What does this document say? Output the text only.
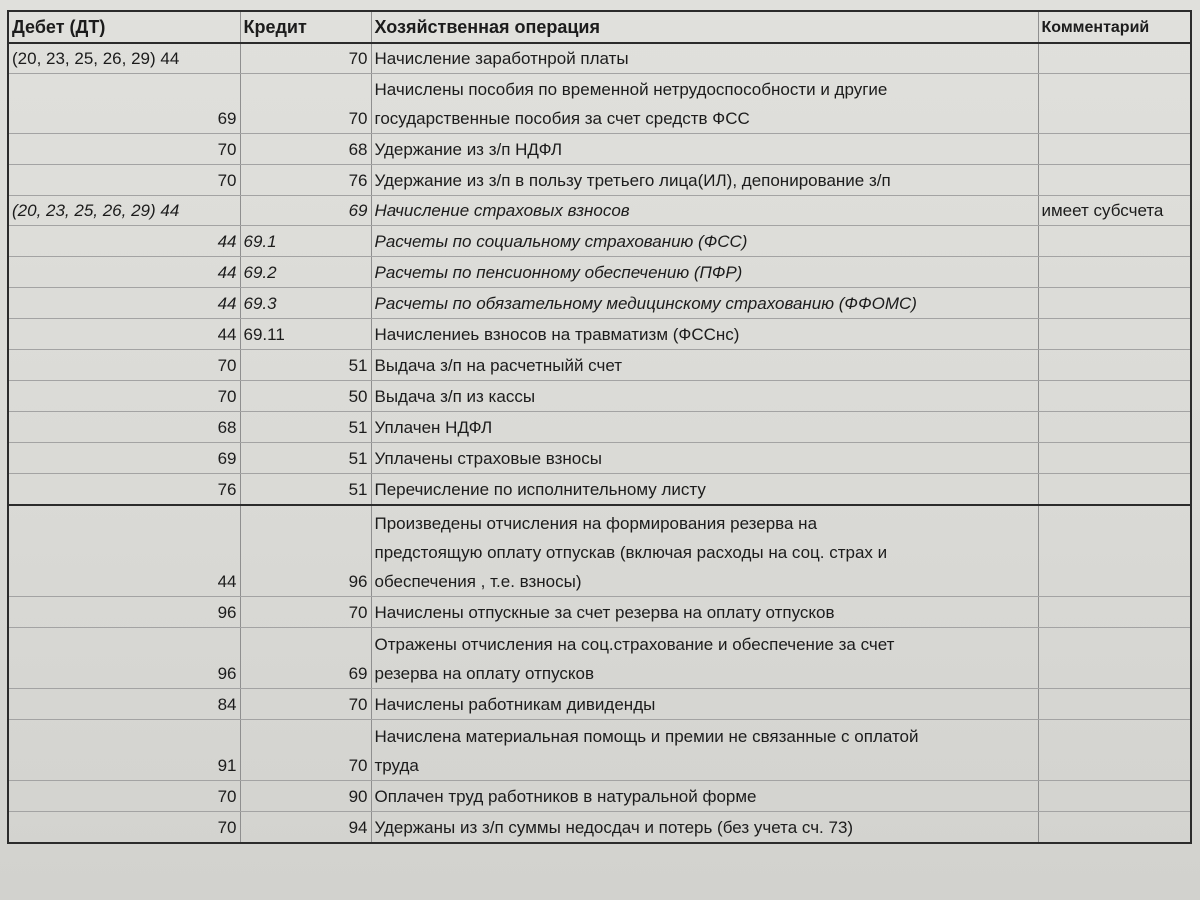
Дебет (ДТ)	Кредит	Хозяйственная операция	Комментарий
(20, 23, 25, 26, 29) 44	70	Начисление заработнрой платы	

69	70	Начислены пособия по временной нетрудоспособности и другие
государственные пособия за счет средств ФСС	

70	68	Удержание из з/п НДФЛ	

70	76	Удержание из з/п в пользу третьего лица(ИЛ), депонирование з/п	

(20, 23, 25, 26, 29) 44	69	Начисление страховых взносов	имеет субсчета
44	69.1	Расчеты по социальному страхованию (ФСС)	

44	69.2	Расчеты по пенсионному обеспечению (ПФР)	

44	69.3	Расчеты по обязательному медицинскому страхованию (ФФОМС)	

44	69.11	Начислениеь взносов на травматизм (ФССнс)	

70	51	Выдача з/п на расчетныйй счет	

70	50	Выдача з/п из кассы	

68	51	Уплачен НДФЛ	

69	51	Уплачены страховые взносы	

76	51	Перечисление по исполнительному листу	

44	96	Произведены отчисления на формирования резерва на
предстоящую оплату отпускав (включая расходы на соц. страх и
обеспечения , т.е. взносы)	

96	70	Начислены отпускные за счет резерва на оплату отпусков	

96	69	Отражены отчисления на соц.страхование и обеспечение за счет
резерва на оплату отпусков	

84	70	Начислены работникам дивиденды	

91	70	Начислена материальная помощь и премии не связанные с оплатой
труда	

70	90	Оплачен труд работников в натуральной форме	

70	94	Удержаны из з/п суммы недосдач и потерь (без учета сч. 73)	
